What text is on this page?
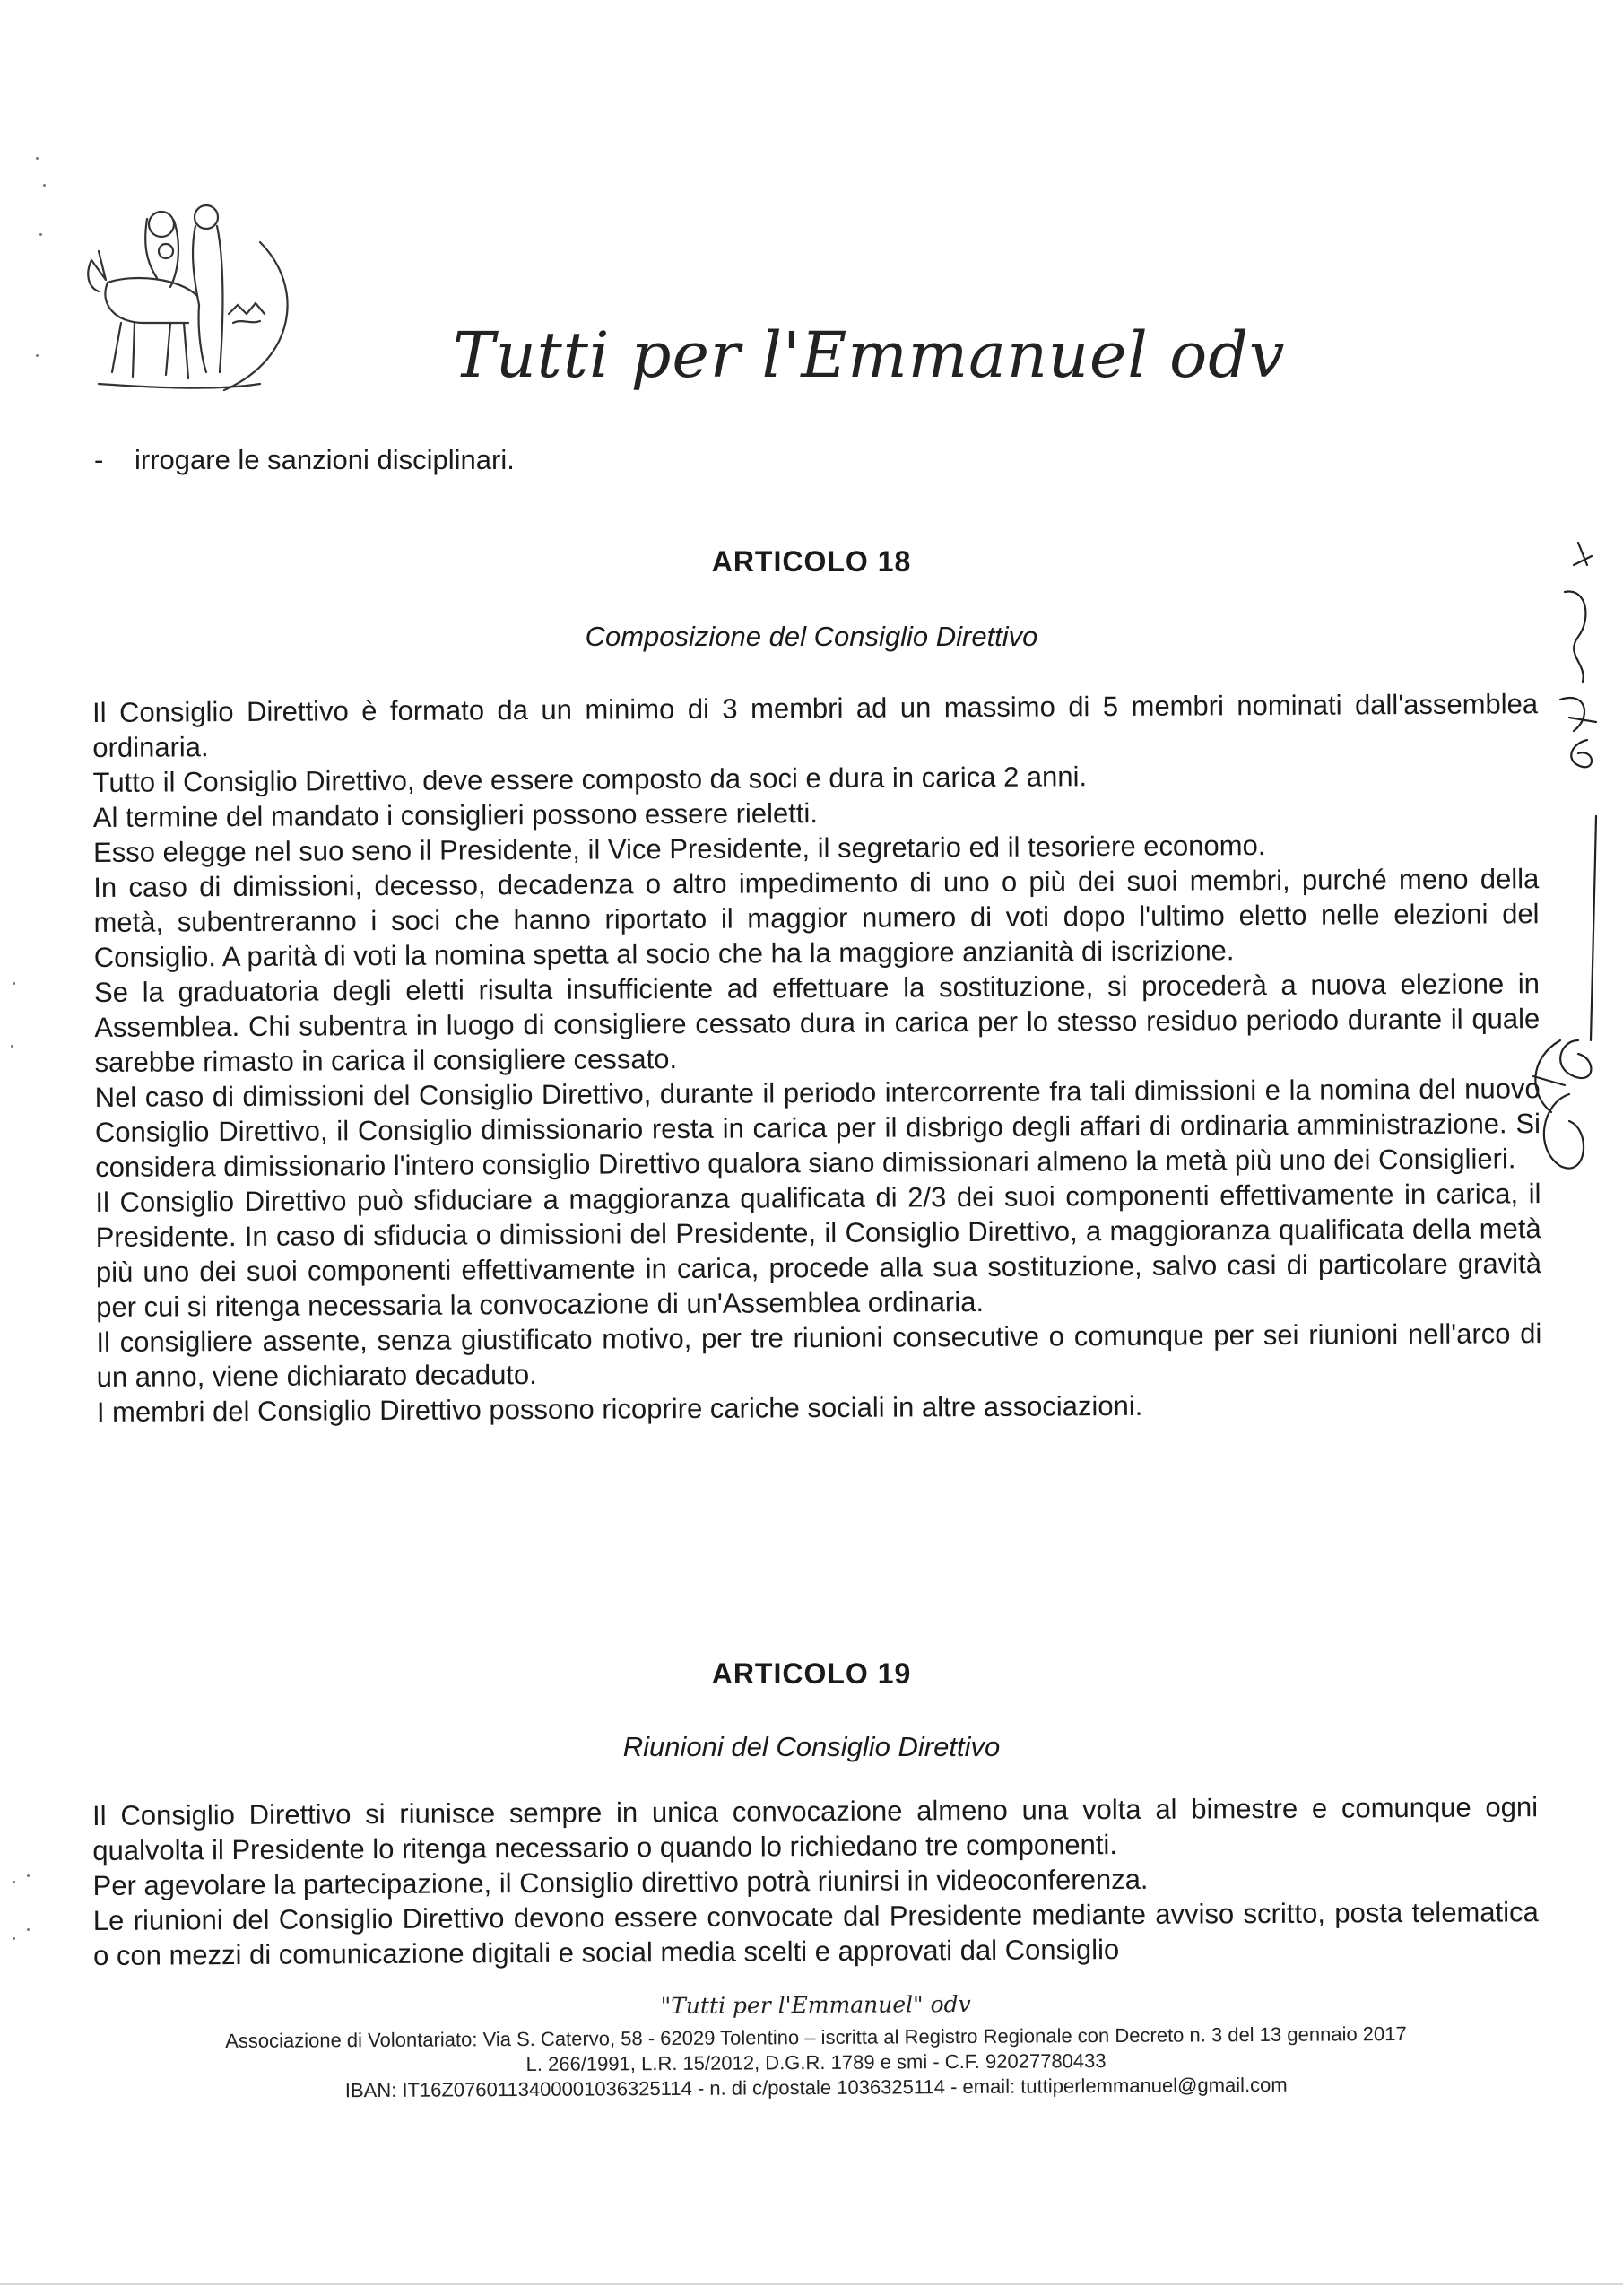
Tutti per l'Emmanuel odv
- irrogare le sanzioni disciplinari.
ARTICOLO 18
Composizione del Consiglio Direttivo

Il Consiglio Direttivo è formato da un minimo di 3 membri ad un massimo di 5 membri nominati dall'assemblea ordinaria.

Tutto il Consiglio Direttivo, deve essere composto da soci e dura in carica 2 anni.

Al termine del mandato i consiglieri possono essere rieletti.

Esso elegge nel suo seno il Presidente, il Vice Presidente, il segretario ed il tesoriere economo.

In caso di dimissioni, decesso, decadenza o altro impedimento di uno o più dei suoi membri, purché meno della metà, subentreranno i soci che hanno riportato il maggior numero di voti dopo l'ultimo eletto nelle elezioni del Consiglio. A parità di voti la nomina spetta al socio che ha la maggiore anzianità di iscrizione.

Se la graduatoria degli eletti risulta insufficiente ad effettuare la sostituzione, si procederà a nuova elezione in Assemblea. Chi subentra in luogo di consigliere cessato dura in carica per lo stesso residuo periodo durante il quale sarebbe rimasto in carica il consigliere cessato.

Nel caso di dimissioni del Consiglio Direttivo, durante il periodo intercorrente fra tali dimissioni e la nomina del nuovo Consiglio Direttivo, il Consiglio dimissionario resta in carica per il disbrigo degli affari di ordinaria amministrazione. Si considera dimissionario l'intero consiglio Direttivo qualora siano dimissionari almeno la metà più uno dei Consiglieri.

Il Consiglio Direttivo può sfiduciare a maggioranza qualificata di 2/3 dei suoi componenti effettivamente in carica, il Presidente. In caso di sfiducia o dimissioni del Presidente, il Consiglio Direttivo, a maggioranza qualificata della metà più uno dei suoi componenti effettivamente in carica, procede alla sua sostituzione, salvo casi di particolare gravità per cui si ritenga necessaria la convocazione di un'Assemblea ordinaria.

Il consigliere assente, senza giustificato motivo, per tre riunioni consecutive o comunque per sei riunioni nell'arco di un anno, viene dichiarato decaduto.

I membri del Consiglio Direttivo possono ricoprire cariche sociali in altre associazioni.

ARTICOLO 19
Riunioni del Consiglio Direttivo

Il Consiglio Direttivo si riunisce sempre in unica convocazione almeno una volta al bimestre e comunque ogni qualvolta il Presidente lo ritenga necessario o quando lo richiedano tre componenti.

Per agevolare la partecipazione, il Consiglio direttivo potrà riunirsi in videoconferenza.

Le riunioni del Consiglio Direttivo devono essere convocate dal Presidente mediante avviso scritto, posta telematica o con mezzi di comunicazione digitali e social media scelti e approvati dal Consiglio

"Tutti per l'Emmanuel" odv
Associazione di Volontariato: Via S. Catervo, 58 - 62029 Tolentino – iscritta al Registro Regionale con Decreto n. 3 del 13 gennaio 2017
L. 266/1991, L.R. 15/2012, D.G.R. 1789 e smi - C.F. 92027780433
IBAN: IT16Z0760113400001036325114 - n. di c/postale 1036325114 - email: tuttiperlemmanuel@gmail.com
